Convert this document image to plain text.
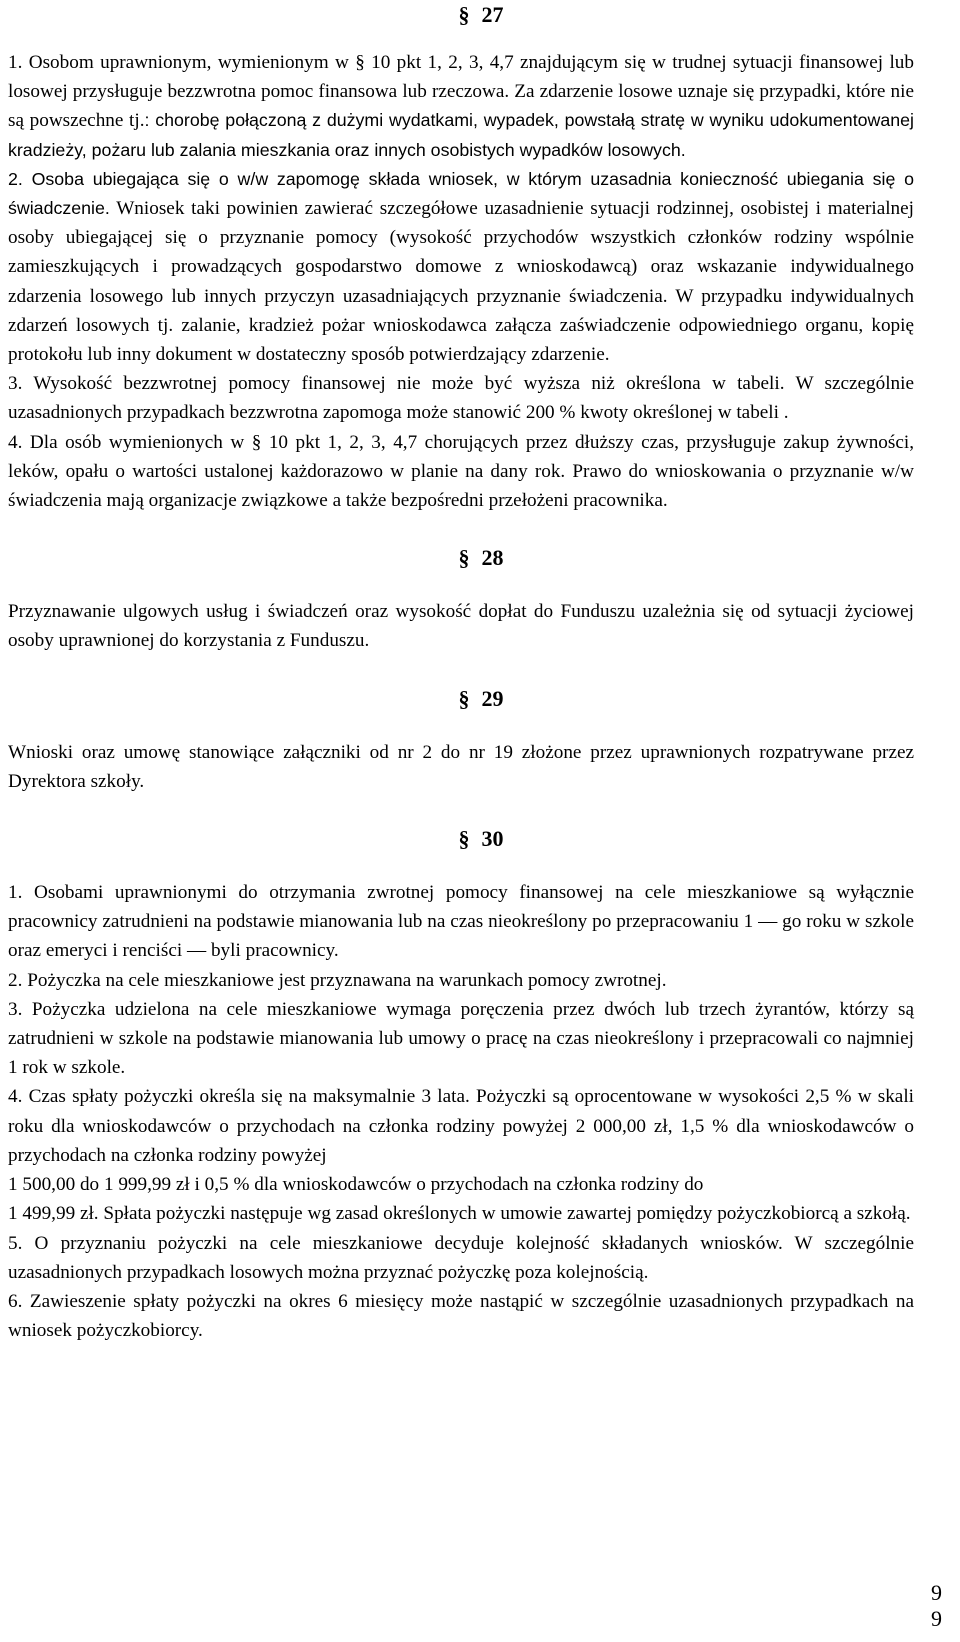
§ 27

1. Osobom uprawnionym, wymienionym w § 10 pkt 1, 2, 3, 4,7 znajdującym się w trudnej sytuacji finansowej lub losowej przysługuje bezzwrotna pomoc finansowa lub rzeczowa. Za zdarzenie losowe uznaje się przypadki, które nie są powszechne tj.: chorobę połączoną z dużymi wydatkami, wypadek, powstałą stratę w wyniku udokumentowanej kradzieży, pożaru lub zalania mieszkania oraz innych osobistych wypadków losowych.

2. Osoba ubiegająca się o w/w zapomogę składa wniosek, w którym uzasadnia konieczność ubiegania się o świadczenie. Wniosek taki powinien zawierać szczegółowe uzasadnienie sytuacji rodzinnej, osobistej i materialnej osoby ubiegającej się o przyznanie pomocy (wysokość przychodów wszystkich członków rodziny wspólnie zamieszkujących i prowadzących gospodarstwo domowe z wnioskodawcą) oraz wskazanie indywidualnego zdarzenia losowego lub innych przyczyn uzasadniających przyznanie świadczenia. W przypadku indywidualnych zdarzeń losowych tj. zalanie, kradzież pożar wnioskodawca załącza zaświadczenie odpowiedniego organu, kopię protokołu lub inny dokument w dostateczny sposób potwierdzający zdarzenie.

3. Wysokość bezzwrotnej pomocy finansowej nie może być wyższa niż określona w tabeli. W szczególnie uzasadnionych przypadkach bezzwrotna zapomoga może stanowić 200 % kwoty określonej w tabeli .

4. Dla osób wymienionych w § 10 pkt 1, 2, 3, 4,7 chorujących przez dłuższy czas, przysługuje zakup żywności, leków, opału o wartości ustalonej każdorazowo w planie na dany rok. Prawo do wnioskowania o przyznanie w/w świadczenia mają organizacje związkowe a także bezpośredni przełożeni pracownika.

§ 28

Przyznawanie ulgowych usług i świadczeń oraz wysokość dopłat do Funduszu uzależnia się od sytuacji życiowej osoby uprawnionej do korzystania z Funduszu.

§ 29

Wnioski oraz umowę stanowiące załączniki od nr 2 do nr 19 złożone przez uprawnionych rozpatrywane przez Dyrektora szkoły.

§ 30

1. Osobami uprawnionymi do otrzymania zwrotnej pomocy finansowej na cele mieszkaniowe są wyłącznie pracownicy zatrudnieni na podstawie mianowania lub na czas nieokreślony po przepracowaniu 1 — go roku w szkole oraz emeryci i renciści — byli pracownicy.

2. Pożyczka na cele mieszkaniowe jest przyznawana na warunkach pomocy zwrotnej.

3. Pożyczka udzielona na cele mieszkaniowe wymaga poręczenia przez dwóch lub trzech żyrantów, którzy są zatrudnieni w szkole na podstawie mianowania lub umowy o pracę na czas nieokreślony i przepracowali co najmniej 1 rok w szkole.

4. Czas spłaty pożyczki określa się na maksymalnie 3 lata. Pożyczki są oprocentowane w wysokości 2,5 % w skali roku dla wnioskodawców o przychodach na członka rodziny powyżej 2 000,00 zł, 1,5 % dla wnioskodawców o przychodach na członka rodziny powyżej

1 500,00 do 1 999,99 zł i 0,5 % dla wnioskodawców o przychodach na członka rodziny do

1 499,99 zł. Spłata pożyczki następuje wg zasad określonych w umowie zawartej pomiędzy pożyczkobiorcą a szkołą.

5. O przyznaniu pożyczki na cele mieszkaniowe decyduje kolejność składanych wniosków. W szczególnie uzasadnionych przypadkach losowych można przyznać pożyczkę poza kolejnością.

6. Zawieszenie spłaty pożyczki na okres 6 miesięcy może nastąpić w szczególnie uzasadnionych przypadkach na wniosek pożyczkobiorcy.

9
9
